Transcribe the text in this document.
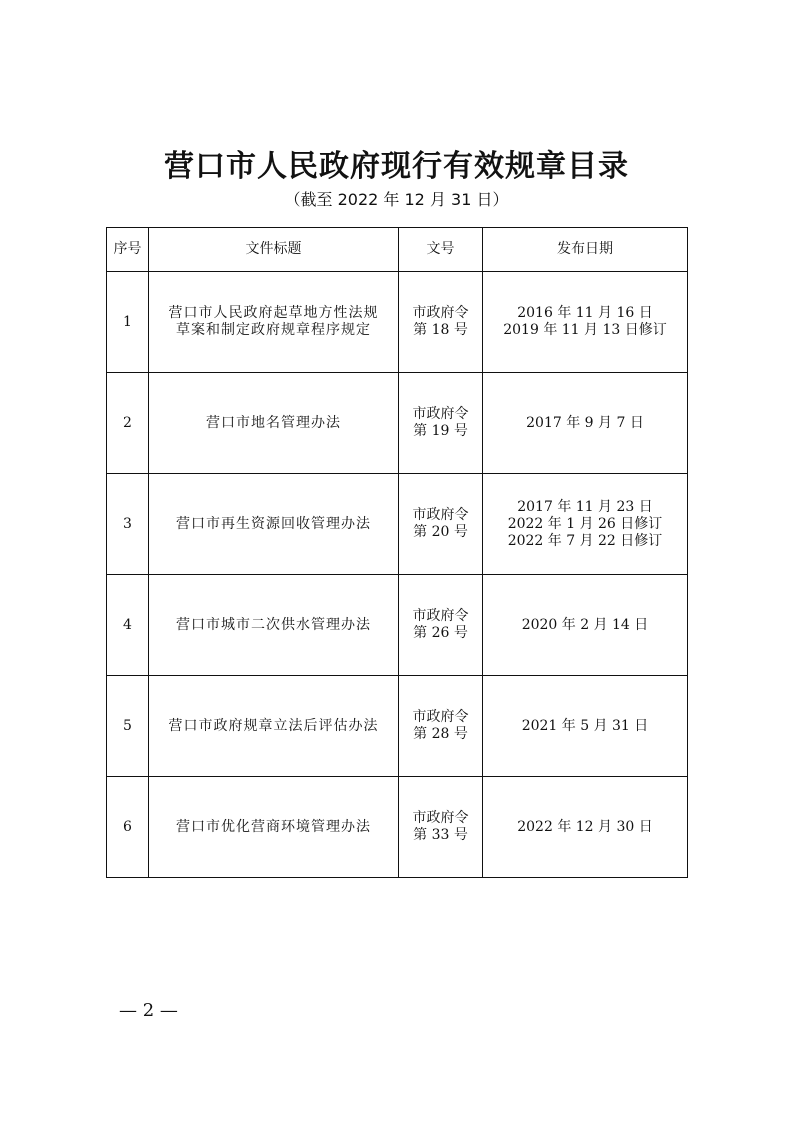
营口市人民政府现行有效规章目录
（截至 2022 年 12 月 31 日）
序号	文件标题	文号	发布日期
1	营口市人民政府起草地方性法规
草案和制定政府规章程序规定	市政府令
第 18 号	2016 年 11 月 16 日
2019 年 11 月 13 日修订

2	营口市地名管理办法	市政府令
第 19 号	2017 年 9 月 7 日

3	营口市再生资源回收管理办法	市政府令
第 20 号	2017 年 11 月 23 日
2022 年 1 月 26 日修订
2022 年 7 月 22 日修订

4	营口市城市二次供水管理办法	市政府令
第 26 号	2020 年 2 月 14 日

5	营口市政府规章立法后评估办法	市政府令
第 28 号	2021 年 5 月 31 日

6	营口市优化营商环境管理办法	市政府令
第 33 号	2022 年 12 月 30 日
— 2 —
